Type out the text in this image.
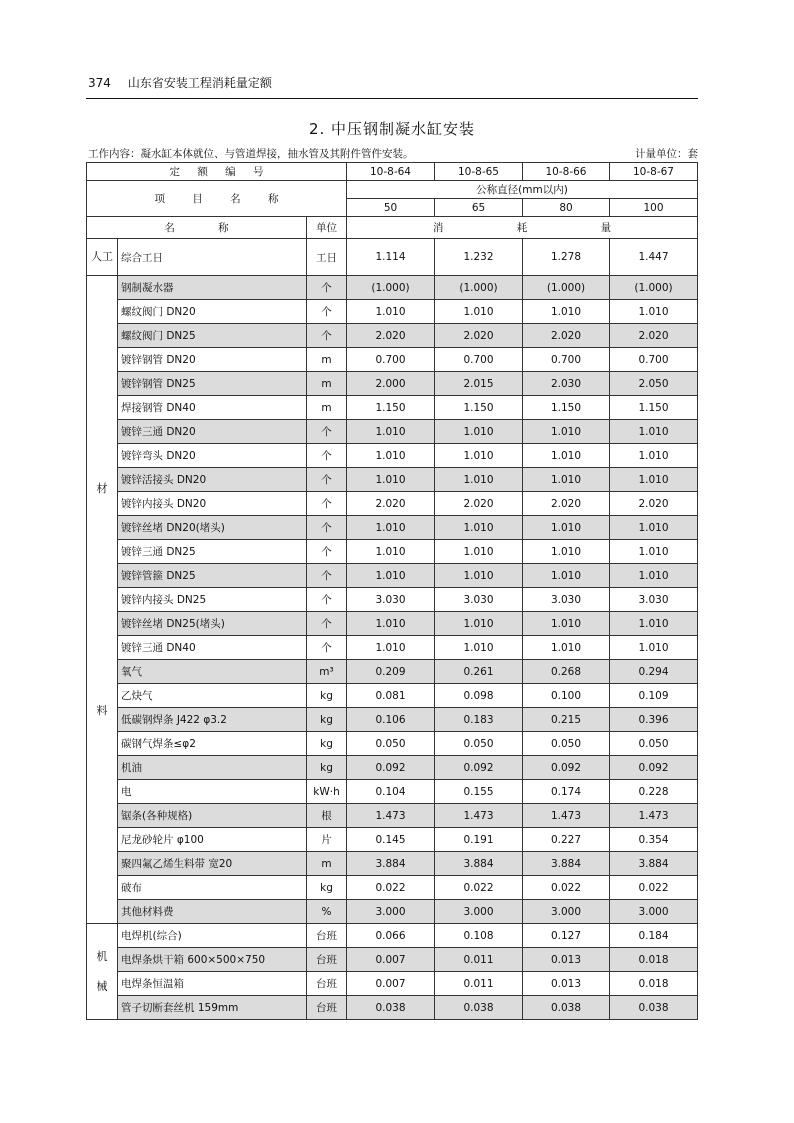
374 山东省安装工程消耗量定额
2. 中压钢制凝水缸安装
工作内容：凝水缸本体就位、与管道焊接，抽水管及其附件管件安装。	计量单位：套
定 额 编 号			10-8-64	10-8-65	10-8-66	10-8-67
项 目 名 称			公称直径(mm以内)			
			50	65	80	100
名 称		单位	消 耗 量			
人工	综合工日	工日	1.114	1.232	1.278	1.447

材
料	钢制凝水器	个	(1.000)	(1.000)	(1.000)	(1.000)
	螺纹阀门 DN20	个	1.010	1.010	1.010	1.010
	螺纹阀门 DN25	个	2.020	2.020	2.020	2.020
	镀锌钢管 DN20	m	0.700	0.700	0.700	0.700
	镀锌钢管 DN25	m	2.000	2.015	2.030	2.050
	焊接钢管 DN40	m	1.150	1.150	1.150	1.150
	镀锌三通 DN20	个	1.010	1.010	1.010	1.010
	镀锌弯头 DN20	个	1.010	1.010	1.010	1.010
	镀锌活接头 DN20	个	1.010	1.010	1.010	1.010
	镀锌内接头 DN20	个	2.020	2.020	2.020	2.020
	镀锌丝堵 DN20(堵头)	个	1.010	1.010	1.010	1.010
	镀锌三通 DN25	个	1.010	1.010	1.010	1.010
	镀锌管箍 DN25	个	1.010	1.010	1.010	1.010
	镀锌内接头 DN25	个	3.030	3.030	3.030	3.030
	镀锌丝堵 DN25(堵头)	个	1.010	1.010	1.010	1.010
	镀锌三通 DN40	个	1.010	1.010	1.010	1.010
	氧气	m³	0.209	0.261	0.268	0.294
	乙炔气	kg	0.081	0.098	0.100	0.109
	低碳钢焊条 J422 φ3.2	kg	0.106	0.183	0.215	0.396
	碳钢气焊条≤φ2	kg	0.050	0.050	0.050	0.050
	机油	kg	0.092	0.092	0.092	0.092
	电	kW·h	0.104	0.155	0.174	0.228
	锯条(各种规格)	根	1.473	1.473	1.473	1.473
	尼龙砂轮片 φ100	片	0.145	0.191	0.227	0.354
	聚四氟乙烯生料带 宽20	m	3.884	3.884	3.884	3.884
	破布	kg	0.022	0.022	0.022	0.022
	其他材料费	%	3.000	3.000	3.000	3.000

机
械	电焊机(综合)	台班	0.066	0.108	0.127	0.184
	电焊条烘干箱 600×500×750	台班	0.007	0.011	0.013	0.018
	电焊条恒温箱	台班	0.007	0.011	0.013	0.018
	管子切断套丝机 159mm	台班	0.038	0.038	0.038	0.038
